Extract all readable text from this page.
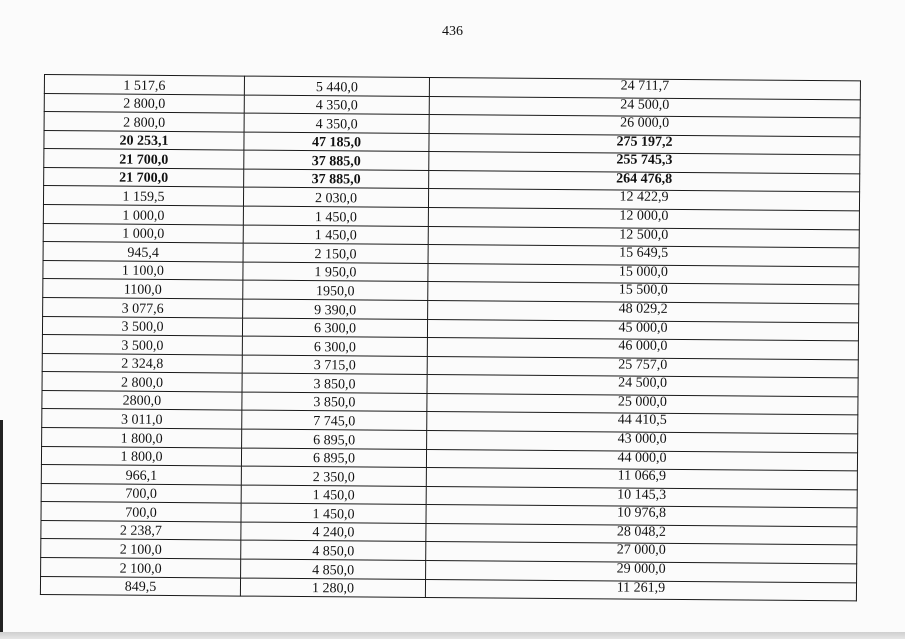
436
1 517,6	5 440,0	24 711,7
2 800,0	4 350,0	24 500,0
2 800,0	4 350,0	26 000,0
20 253,1	47 185,0	275 197,2
21 700,0	37 885,0	255 745,3
21 700,0	37 885,0	264 476,8
1 159,5	2 030,0	12 422,9
1 000,0	1 450,0	12 000,0
1 000,0	1 450,0	12 500,0
945,4	2 150,0	15 649,5
1 100,0	1 950,0	15 000,0
1100,0	1950,0	15 500,0
3 077,6	9 390,0	48 029,2
3 500,0	6 300,0	45 000,0
3 500,0	6 300,0	46 000,0
2 324,8	3 715,0	25 757,0
2 800,0	3 850,0	24 500,0
2800,0	3 850,0	25 000,0
3 011,0	7 745,0	44 410,5
1 800,0	6 895,0	43 000,0
1 800,0	6 895,0	44 000,0
966,1	2 350,0	11 066,9
700,0	1 450,0	10 145,3
700,0	1 450,0	10 976,8
2 238,7	4 240,0	28 048,2
2 100,0	4 850,0	27 000,0
2 100,0	4 850,0	29 000,0
849,5	1 280,0	11 261,9
